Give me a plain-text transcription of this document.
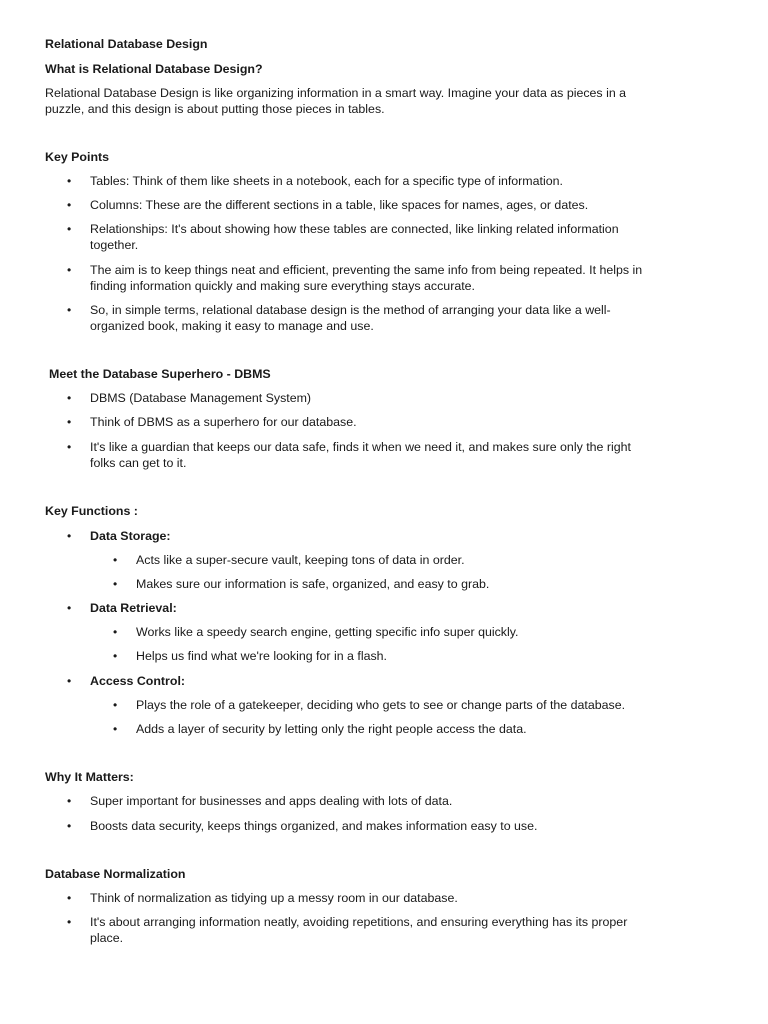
Relational Database Design
What is Relational Database Design?
Relational Database Design is like organizing information in a smart way. Imagine your data as pieces in a
puzzle, and this design is about putting those pieces in tables.
Key Points
• Tables: Think of them like sheets in a notebook, each for a specific type of information.
• Columns: These are the different sections in a table, like spaces for names, ages, or dates.
• Relationships: It's about showing how these tables are connected, like linking related information
together.
• The aim is to keep things neat and efficient, preventing the same info from being repeated. It helps in
finding information quickly and making sure everything stays accurate.
• So, in simple terms, relational database design is the method of arranging your data like a well-
organized book, making it easy to manage and use.
Meet the Database Superhero - DBMS
• DBMS (Database Management System)
• Think of DBMS as a superhero for our database.
• It's like a guardian that keeps our data safe, finds it when we need it, and makes sure only the right
folks can get to it.
Key Functions :
• Data Storage:
• Acts like a super-secure vault, keeping tons of data in order.
• Makes sure our information is safe, organized, and easy to grab.
• Data Retrieval:
• Works like a speedy search engine, getting specific info super quickly.
• Helps us find what we're looking for in a flash.
• Access Control:
• Plays the role of a gatekeeper, deciding who gets to see or change parts of the database.
• Adds a layer of security by letting only the right people access the data.
Why It Matters:
• Super important for businesses and apps dealing with lots of data.
• Boosts data security, keeps things organized, and makes information easy to use.
Database Normalization
• Think of normalization as tidying up a messy room in our database.
• It's about arranging information neatly, avoiding repetitions, and ensuring everything has its proper
place.
